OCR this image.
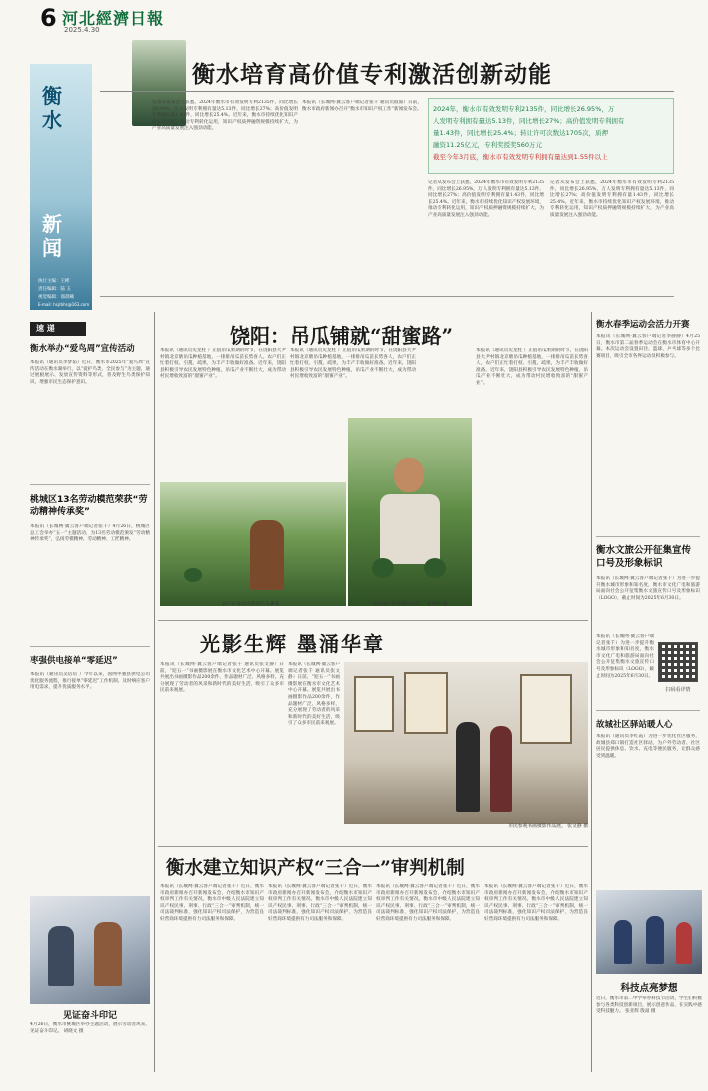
6 河北經濟日報
2025.4.30
衡
水
新
闻
执行主编：王彬
责任编辑：陆 玉
视觉编辑：邵晨曦
E-mail: hsjrbhs@163.com
衡水培育高价值专利激活创新动能
记者从发布会上获悉，2024年衡水市有效发明专利2135件，同比增长26.95%，万人发明专利拥有量达5.13件，同比增长27%；高价值发明专利拥有量1.43件，同比增长25.4%。近年来，衡水市持续优化知识产权发展环境，推动专利转化运用，知识产权质押融资规模持续扩大，为产业高质量发展注入强劲动能。
本报讯（长城网·冀云客户端记者张千 通讯员殷溢）日前，衡水市政府新闻办召开“衡水市知识产权工作”新闻发布会。 2024年，衡水市有效发明专利2135件，同比增长26.95%，万
人发明专利拥有量达5.13件，同比增长27%；高价值发明专利拥有
量1.43件，同比增长25.4%；转让许可次数达1705次，质押
融资11.25亿元，专利奖授奖560万元
截至今年3月底，衡水市有效发明专利拥有量达到1.55件以上
记者从发布会上获悉，2024年衡水市有效发明专利2135件，同比增长26.95%，万人发明专利拥有量达5.13件，同比增长27%；高价值发明专利拥有量1.43件，同比增长25.4%。近年来，衡水市持续优化知识产权发展环境，推动专利转化运用，知识产权质押融资规模持续扩大，为产业高质量发展注入强劲动能。
记者从发布会上获悉，2024年衡水市有效发明专利2135件，同比增长26.95%，万人发明专利拥有量达5.13件，同比增长27%；高价值发明专利拥有量1.43件，同比增长25.4%。近年来，衡水市持续优化知识产权发展环境，推动专利转化运用，知识产权质押融资规模持续扩大，为产业高质量发展注入强劲动能。
速 递
衡水举办“爱鸟周”宣传活动
本报讯（通讯员李梦茹）近日，衡水市2025年“爱鸟周”宣传活动在衡水湖举行，以“爱护鸟类，全民参与”为主题，通过展板展示、发放宣传资料等形式，普及野生鸟类保护知识，增强市民生态保护意识。
桃城区13名劳动模范荣获“劳动精神传承奖”
本报讯（长城网·冀云客户端记者张千）4月26日，桃城区总工会举办“五一”主题活动，为13名劳动模范颁发“劳动精神传承奖”，弘扬劳模精神、劳动精神、工匠精神。
枣强供电接单“零延迟”
本报讯（通讯员吴培培 ）今年以来，国网枣强县供电公司优化服务流程，推行接单“零延迟”工作机制，及时响应客户用电需求，提升优质服务水平。
见证奋斗印记
4月26日，衡水市桃城区举办主题活动，展示劳动者风采，见证奋斗印记。 胡晓文 摄
饶阳：吊瓜铺就“甜蜜路”
本报讯（通讯员史龙柱 ）正值吊瓜果期的时节，在饶阳县大尹村镇北京塘吊瓜种植基地，一排排吊瓜苗长势喜人，农户们正忙着打杈、引蔓、疏果，为丰产丰收做好准备。近年来，饶阳县积极引导农民发展特色种植，吊瓜产业不断壮大，成为带动村民增收致富的“甜蜜产业”。
本报讯（通讯员史龙柱 ）正值吊瓜果期的时节，在饶阳县大尹村镇北京塘吊瓜种植基地，一排排吊瓜苗长势喜人，农户们正忙着打杈、引蔓、疏果，为丰产丰收做好准备。近年来，饶阳县积极引导农民发展特色种植，吊瓜产业不断壮大，成为带动村民增收致富的“甜蜜产业”。
农户在基地内整理吊瓜藤蔓。	农民展示新采摘的吊瓜。 崔德林 摄
本报讯（通讯员史龙柱 ）正值吊瓜果期的时节，在饶阳县大尹村镇北京塘吊瓜种植基地，一排排吊瓜苗长势喜人，农户们正忙着打杈、引蔓、疏果，为丰产丰收做好准备。近年来，饶阳县积极引导农民发展特色种植，吊瓜产业不断壮大，成为带动村民增收致富的“甜蜜产业”。
衡水春季运动会活力开赛
本报讯（长城网·冀云客户端记者李静静）4月25日，衡水市第二届春季运动会在衡水市体育中心开幕。本次运动会设置田径、篮球、乒乓球等多个比赛项目，吸引全市各界运动员积极参与。
衡水文旅公开征集宣传口号及形象标识
本报讯（长城网·冀云客户端记者张千）为进一步提升衡水城市形象和知名度，衡水市文化广电和旅游局面向社会公开征集衡水文旅宣传口号及形象标识（LOGO），截止时间为2025年6月30日。
本报讯（长城网·冀云客户端记者张千）为进一步提升衡水城市形象和知名度，衡水市文化广电和旅游局面向社会公开征集衡水文旅宣传口号及形象标识（LOGO），截止时间为2025年6月30日。
扫码看详情
故城社区驿站暖人心
本报讯（通讯员李红霞）为进一步优化社区服务，故城县郑口镇打造社区驿站，为户外劳动者、社区居民提供休息、饮水、充电等便民服务，让群众感受到温暖。
科技点亮梦想
近日，衡水市第二中学举办科技节活动，学生们积极参与各类科技创新项目，展示创意作品，在实践中感受科技魅力。 张亚辉 殷溢 摄
光影生辉 墨涌华章
本报讯（长城网·冀云客户端记者张千 通讯员张文静）日前，“迎五一”书画摄影展在衡水市文化艺术中心开幕。展览共展出书画摄影作品200余件，作品题材广泛、风格多样，充分展现了劳动者的风采和新时代的美好生活，吸引了众多市民前来观展。
本报讯（长城网·冀云客户端记者张千 通讯员张文静）日前，“迎五一”书画摄影展在衡水市文化艺术中心开幕。展览共展出书画摄影作品200余件，作品题材广泛、风格多样，充分展现了劳动者的风采和新时代的美好生活，吸引了众多市民前来观展。
市民参观书画摄影作品展。 张文静 摄
衡水建立知识产权“三合一”审判机制
本报讯（长城网·冀云客户端记者张千）近日，衡水市政府新闻办召开新闻发布会，介绍衡水市知识产权审判工作有关情况。衡水市中级人民法院建立知识产权民事、刑事、行政“三合一”审判机制，统一司法裁判标准，强化知识产权司法保护，为营造良好营商环境提供有力司法服务和保障。
本报讯（长城网·冀云客户端记者张千）近日，衡水市政府新闻办召开新闻发布会，介绍衡水市知识产权审判工作有关情况。衡水市中级人民法院建立知识产权民事、刑事、行政“三合一”审判机制，统一司法裁判标准，强化知识产权司法保护，为营造良好营商环境提供有力司法服务和保障。
本报讯（长城网·冀云客户端记者张千）近日，衡水市政府新闻办召开新闻发布会，介绍衡水市知识产权审判工作有关情况。衡水市中级人民法院建立知识产权民事、刑事、行政“三合一”审判机制，统一司法裁判标准，强化知识产权司法保护，为营造良好营商环境提供有力司法服务和保障。
本报讯（长城网·冀云客户端记者张千）近日，衡水市政府新闻办召开新闻发布会，介绍衡水市知识产权审判工作有关情况。衡水市中级人民法院建立知识产权民事、刑事、行政“三合一”审判机制，统一司法裁判标准，强化知识产权司法保护，为营造良好营商环境提供有力司法服务和保障。
